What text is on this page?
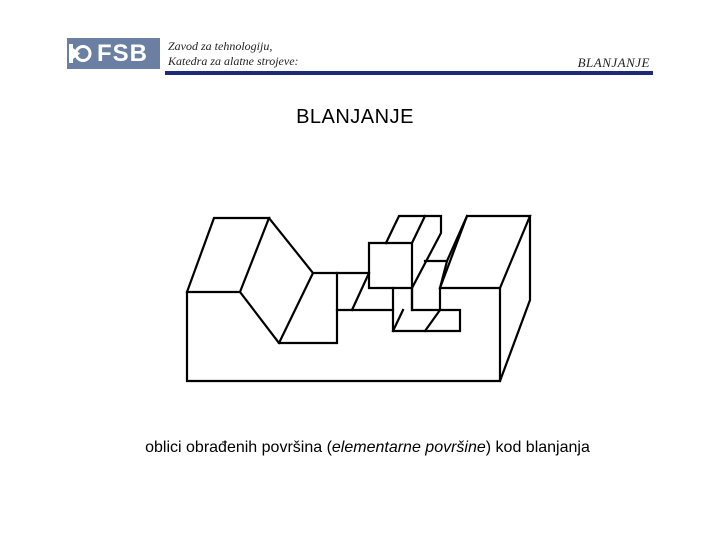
FSB Zavod za tehnologiju,
Katedra za alatne strojeve:	BLANJANJE
BLANJANJE
oblici obrađenih površina (elementarne površine) kod blanjanja
